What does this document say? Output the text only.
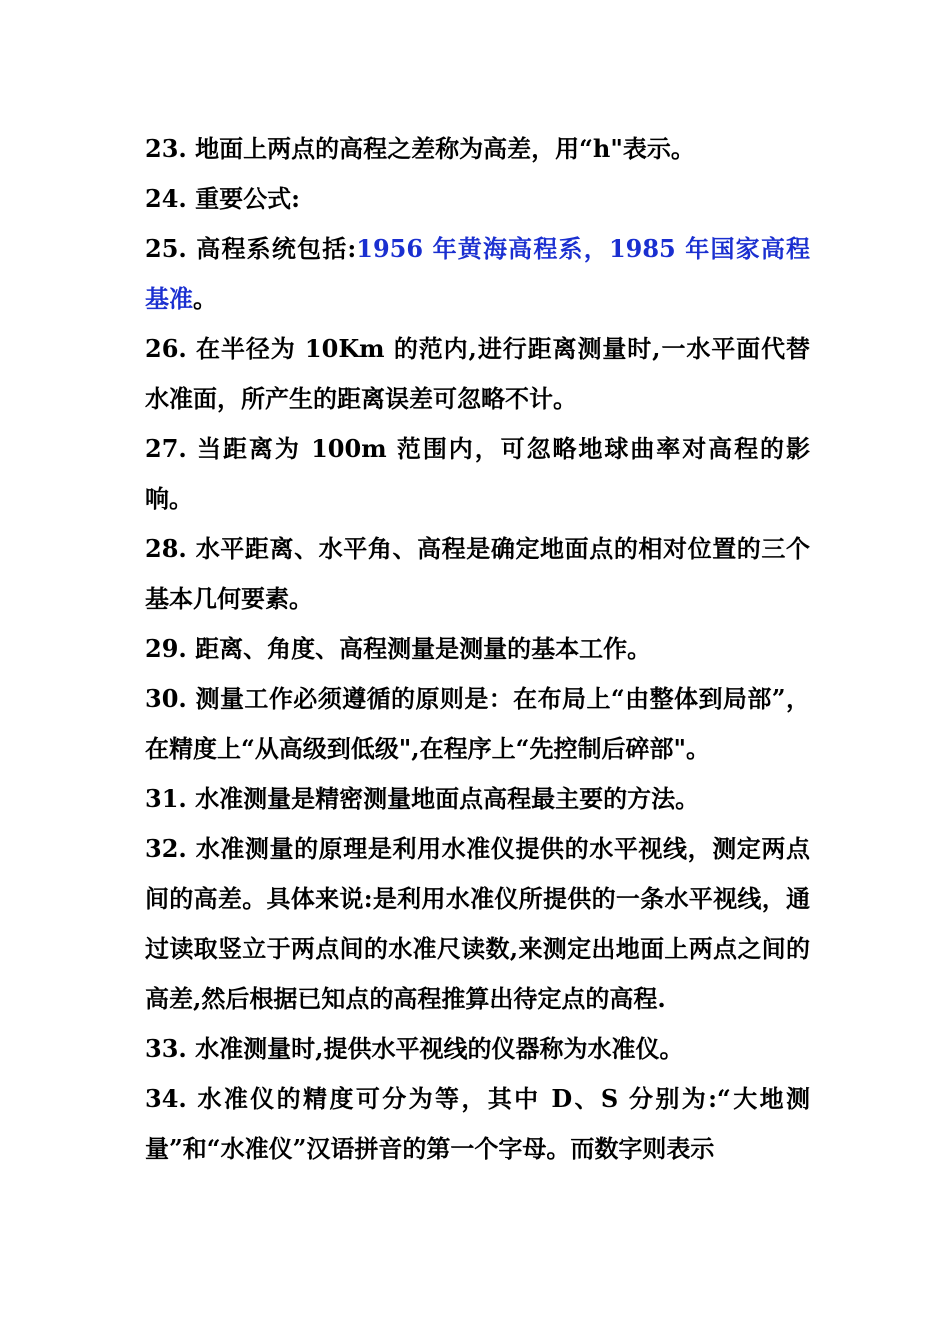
23. 地面上两点的高程之差称为高差，用“h"表示。

24. 重要公式:

25. 高程系统包括:1956 年黄海高程系，1985 年国家高程基准。

26. 在半径为 10Km 的范内,进行距离测量时,一水平面代替水准面，所产生的距离误差可忽略不计。

27. 当距离为 100m 范围内，可忽略地球曲率对高程的影响。

28. 水平距离、水平角、高程是确定地面点的相对位置的三个基本几何要素。

29. 距离、角度、高程测量是测量的基本工作。

30. 测量工作必须遵循的原则是：在布局上“由整体到局部”，在精度上“从高级到低级",在程序上“先控制后碎部"。

31. 水准测量是精密测量地面点高程最主要的方法。

32. 水准测量的原理是利用水准仪提供的水平视线，测定两点间的高差。具体来说:是利用水准仪所提供的一条水平视线，通过读取竖立于两点间的水准尺读数,来测定出地面上两点之间的高差,然后根据已知点的高程推算出待定点的高程.

33. 水准测量时,提供水平视线的仪器称为水准仪。

34. 水准仪的精度可分为等，其中 D、S 分别为:“大地测量”和“水准仪”汉语拼音的第一个字母。而数字则表示
